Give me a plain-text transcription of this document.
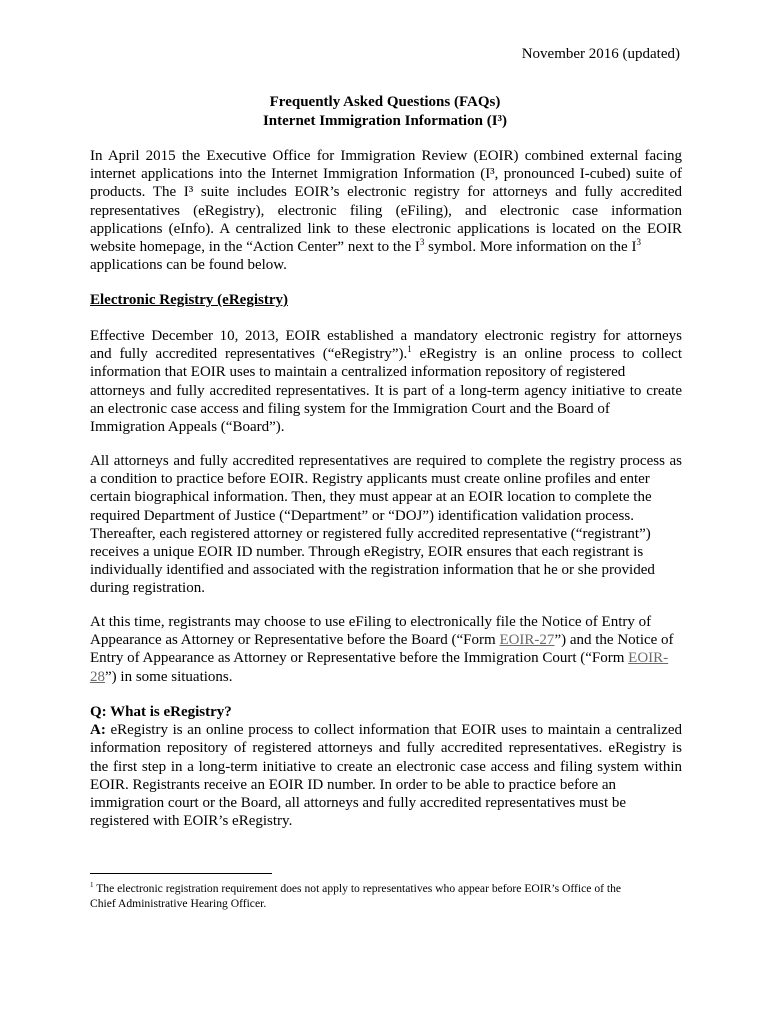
November 2016 (updated)
Frequently Asked Questions (FAQs)
Internet Immigration Information (I³)
In April 2015 the Executive Office for Immigration Review (EOIR) combined external facing
internet applications into the Internet Immigration Information (I³, pronounced I-cubed) suite of
products. The I³ suite includes EOIR’s electronic registry for attorneys and fully accredited
representatives (eRegistry), electronic filing (eFiling), and electronic case information
applications (eInfo). A centralized link to these electronic applications is located on the EOIR
website homepage, in the “Action Center” next to the $I^3$ symbol. More information on the $I^3$
applications can be found below.
Electronic Registry (eRegistry)
Effective December 10, 2013, EOIR established a mandatory electronic registry for attorneys
and fully accredited representatives (“eRegistry”).$^1$ eRegistry is an online process to collect
information that EOIR uses to maintain a centralized information repository of registered
attorneys and fully accredited representatives. It is part of a long-term agency initiative to create
an electronic case access and filing system for the Immigration Court and the Board of
Immigration Appeals (“Board”).
All attorneys and fully accredited representatives are required to complete the registry process as
a condition to practice before EOIR. Registry applicants must create online profiles and enter
certain biographical information. Then, they must appear at an EOIR location to complete the
required Department of Justice (“Department” or “DOJ”) identification validation process.
Thereafter, each registered attorney or registered fully accredited representative (“registrant”)
receives a unique EOIR ID number. Through eRegistry, EOIR ensures that each registrant is
individually identified and associated with the registration information that he or she provided
during registration.
At this time, registrants may choose to use eFiling to electronically file the Notice of Entry of
Appearance as Attorney or Representative before the Board (“Form EOIR-27”) and the Notice of
Entry of Appearance as Attorney or Representative before the Immigration Court (“Form EOIR-
28”) in some situations.
Q: What is eRegistry?
A: eRegistry is an online process to collect information that EOIR uses to maintain a centralized
information repository of registered attorneys and fully accredited representatives. eRegistry is
the first step in a long-term initiative to create an electronic case access and filing system within
EOIR. Registrants receive an EOIR ID number. In order to be able to practice before an
immigration court or the Board, all attorneys and fully accredited representatives must be
registered with EOIR’s eRegistry.
$^1$ The electronic registration requirement does not apply to representatives who appear before EOIR’s Office of the
Chief Administrative Hearing Officer.
